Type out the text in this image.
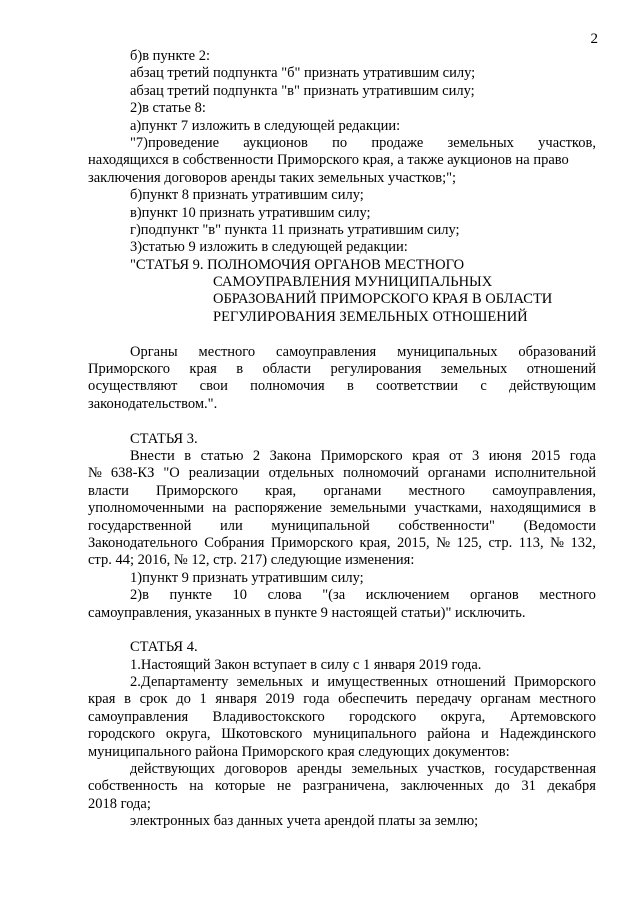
2
б)в пункте 2:
абзац третий подпункта "б" признать утратившим силу;
абзац третий подпункта "в" признать утратившим силу;
2)в статье 8:
а)пункт 7 изложить в следующей редакции:
"7)проведение аукционов по продаже земельных участков,
находящихся в собственности Приморского края, а также аукционов на право
заключения договоров аренды таких земельных участков;";
б)пункт 8 признать утратившим силу;
в)пункт 10 признать утратившим силу;
г)подпункт "в" пункта 11 признать утратившим силу;
3)статью 9 изложить в следующей редакции:
"СТАТЬЯ 9. ПОЛНОМОЧИЯ ОРГАНОВ МЕСТНОГО
САМОУПРАВЛЕНИЯ МУНИЦИПАЛЬНЫХ
ОБРАЗОВАНИЙ ПРИМОРСКОГО КРАЯ В ОБЛАСТИ
РЕГУЛИРОВАНИЯ ЗЕМЕЛЬНЫХ ОТНОШЕНИЙ
Органы местного самоуправления муниципальных образований
Приморского края в области регулирования земельных отношений
осуществляют свои полномочия в соответствии с действующим
законодательством.".
СТАТЬЯ 3.
Внести в статью 2 Закона Приморского края от 3 июня 2015 года
№ 638-КЗ "О реализации отдельных полномочий органами исполнительной
власти Приморского края, органами местного самоуправления,
уполномоченными на распоряжение земельными участками, находящимися в
государственной или муниципальной собственности" (Ведомости
Законодательного Собрания Приморского края, 2015, № 125, стр. 113, № 132,
стр. 44; 2016, № 12, стр. 217) следующие изменения:
1)пункт 9 признать утратившим силу;
2)в пункте 10 слова "(за исключением органов местного
самоуправления, указанных в пункте 9 настоящей статьи)" исключить.
СТАТЬЯ 4.
1.Настоящий Закон вступает в силу с 1 января 2019 года.
2.Департаменту земельных и имущественных отношений Приморского
края в срок до 1 января 2019 года обеспечить передачу органам местного
самоуправления Владивостокского городского округа, Артемовского
городского округа, Шкотовского муниципального района и Надеждинского
муниципального района Приморского края следующих документов:
действующих договоров аренды земельных участков, государственная
собственность на которые не разграничена, заключенных до 31 декабря
2018 года;
электронных баз данных учета арендой платы за землю;
